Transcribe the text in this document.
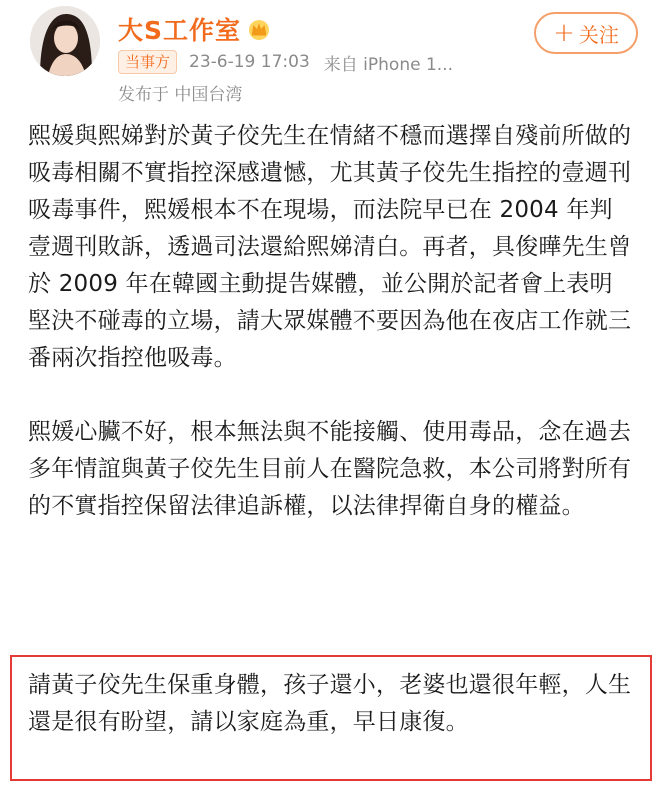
大S工作室
当事方	23-6-19 17:03 来自 iPhone 1...
发布于 中国台湾
+ 关注

熙媛與熙娣對於黃子佼先生在情緒不穩而選擇自殘前所做的吸毒相關不實指控深感遺憾，尤其黃子佼先生指控的壹週刊吸毒事件，熙媛根本不在現場，而法院早已在 2004 年判壹週刊敗訴，透過司法還給熙娣清白。再者，具俊曄先生曾於 2009 年在韓國主動提告媒體，並公開於記者會上表明堅決不碰毒的立場，請大眾媒體不要因為他在夜店工作就三番兩次指控他吸毒。

熙媛心臟不好，根本無法與不能接觸、使用毒品，念在過去多年情誼與黃子佼先生目前人在醫院急救，本公司將對所有的不實指控保留法律追訴權，以法律捍衛自身的權益。

請黃子佼先生保重身體，孩子還小，老婆也還很年輕，人生還是很有盼望，請以家庭為重，早日康復。
